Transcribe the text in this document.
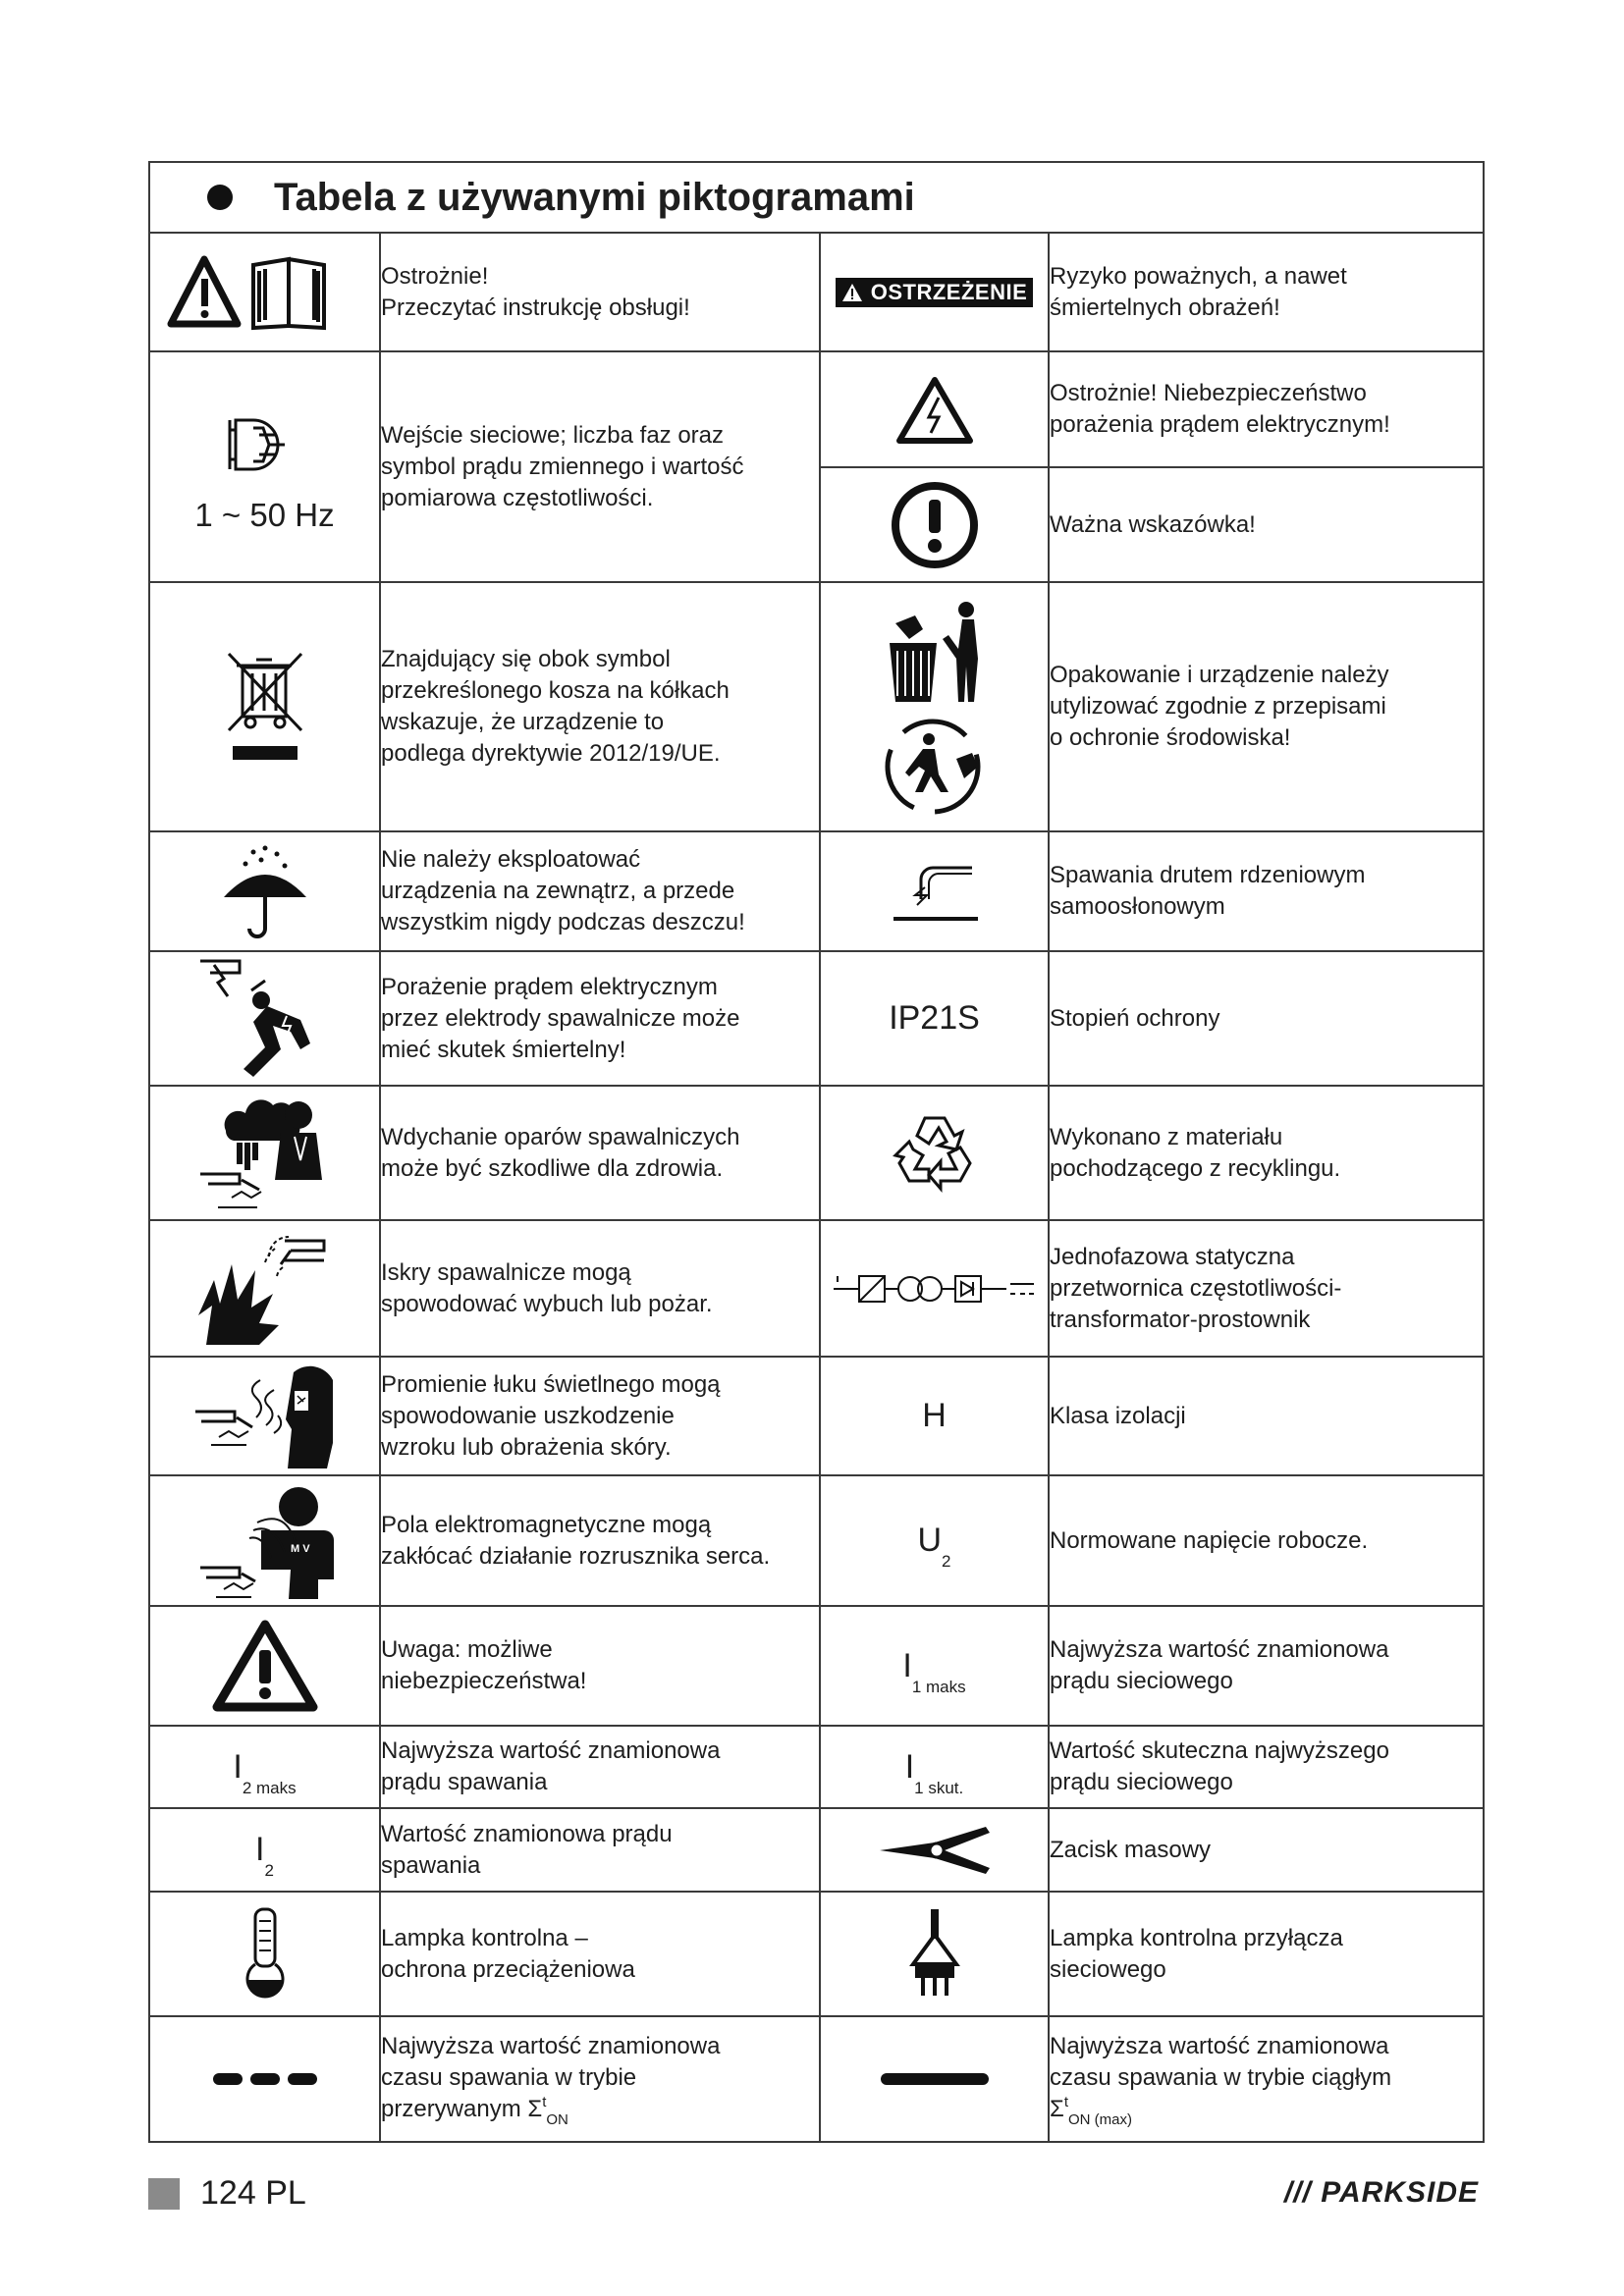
Tabela z używanymi piktogramami			

	Ostrożnie!
Przeczytać instrukcję obsługi!	OSTRZEŻENIE	Ryzyko poważnych, a nawet
śmiertelnych obrażeń!

1 ~ 50 Hz	Wejście sieciowe; liczba faz oraz
symbol prądu zmiennego i wartość
pomiarowa częstotliwości.		Ostrożnie! Niebezpieczeństwo
porażenia prądem elektrycznym!

	Ważna wskazówka!

	Znajdujący się obok symbol
przekreślonego kosza na kółkach
wskazuje, że urządzenie to
podlega dyrektywie 2012/19/UE.		Opakowanie i urządzenie należy
utylizować zgodnie z przepisami
o ochronie środowiska!

	Nie należy eksploatować
urządzenia na zewnątrz, a przede
wszystkim nigdy podczas deszczu!		Spawania drutem rdzeniowym
samoosłonowym

	Porażenie prądem elektrycznym
przez elektrody spawalnicze może
mieć skutek śmiertelny!	IP21S	Stopień ochrony

	Wdychanie oparów spawalniczych
może być szkodliwe dla zdrowia.		Wykonano z materiału
pochodzącego z recyklingu.

	Iskry spawalnicze mogą
spowodować wybuch lub pożar.		Jednofazowa statyczna
przetwornica częstotliwości-
transformator-prostownik

	Promienie łuku świetlnego mogą
spowodowanie uszkodzenie
wzroku lub obrażenia skóry.	H	Klasa izolacji

M V	Pola elektromagnetyczne mogą
zakłócać działanie rozrusznika serca.	U2	Normowane napięcie robocze.

	Uwaga: możliwe
niebezpieczeństwa!	I1 maks	Najwyższa wartość znamionowa
prądu sieciowego
I2 maks	Najwyższa wartość znamionowa
prądu spawania	I1 skut.	Wartość skuteczna najwyższego
prądu sieciowego
I2	Wartość znamionowa prądu
spawania		Zacisk masowy

	Lampka kontrolna –
ochrona przeciążeniowa		Lampka kontrolna przyłącza
sieciowego

	Najwyższa wartość znamionowa
czasu spawania w trybie
przerywanym $\Sigma^t_{ON}$		Najwyższa wartość znamionowa
czasu spawania w trybie ciągłym
$\Sigma^t_{ON (max)}$
124 PL	/// PARKSIDE
